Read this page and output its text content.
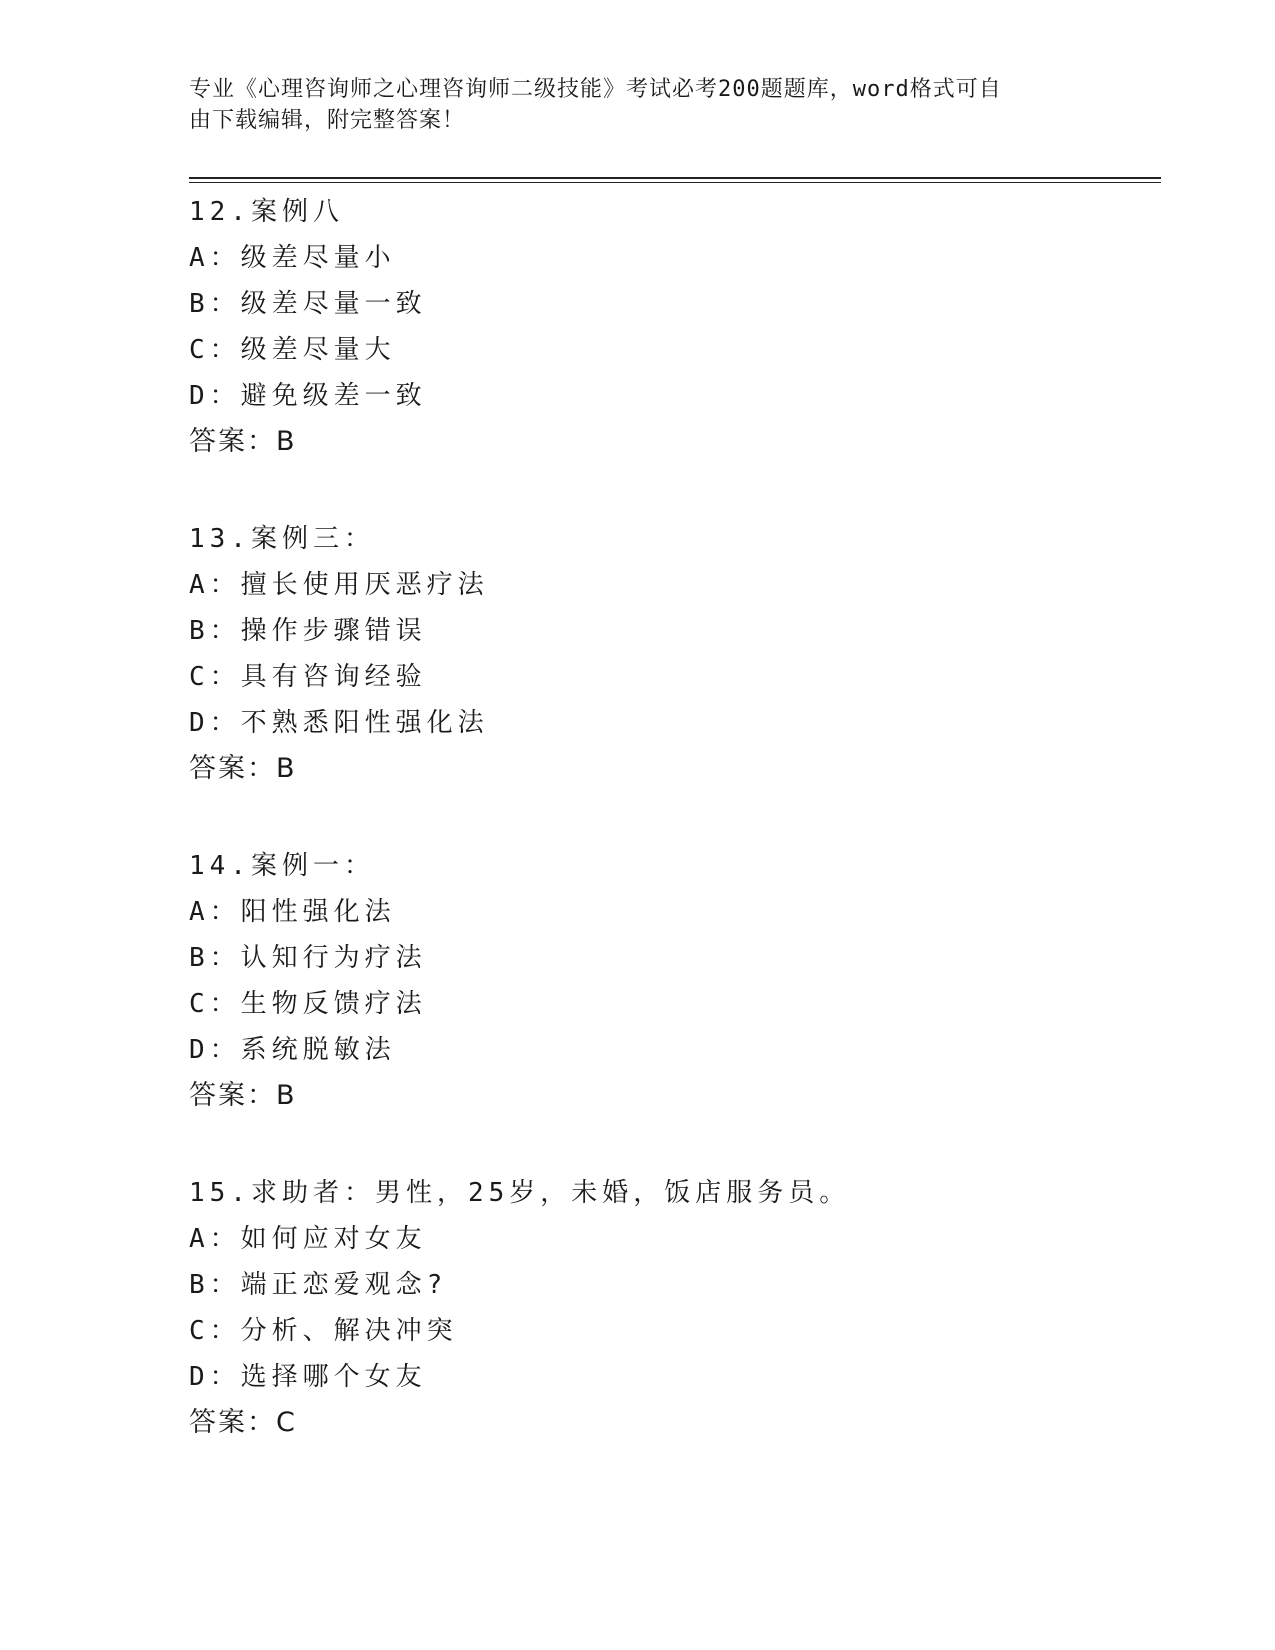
专业《心理咨询师之心理咨询师二级技能》考试必考200题题库，word格式可自
由下载编辑，附完整答案！
12.案例八
A：级差尽量小
B：级差尽量一致
C：级差尽量大
D：避免级差一致
答案：B
13.案例三：
A：擅长使用厌恶疗法
B：操作步骤错误
C：具有咨询经验
D：不熟悉阳性强化法
答案：B
14.案例一：
A：阳性强化法
B：认知行为疗法
C：生物反馈疗法
D：系统脱敏法
答案：B
15.求助者：男性，25岁，未婚，饭店服务员。
A：如何应对女友
B：端正恋爱观念?
C：分析、解决冲突
D：选择哪个女友
答案：C
